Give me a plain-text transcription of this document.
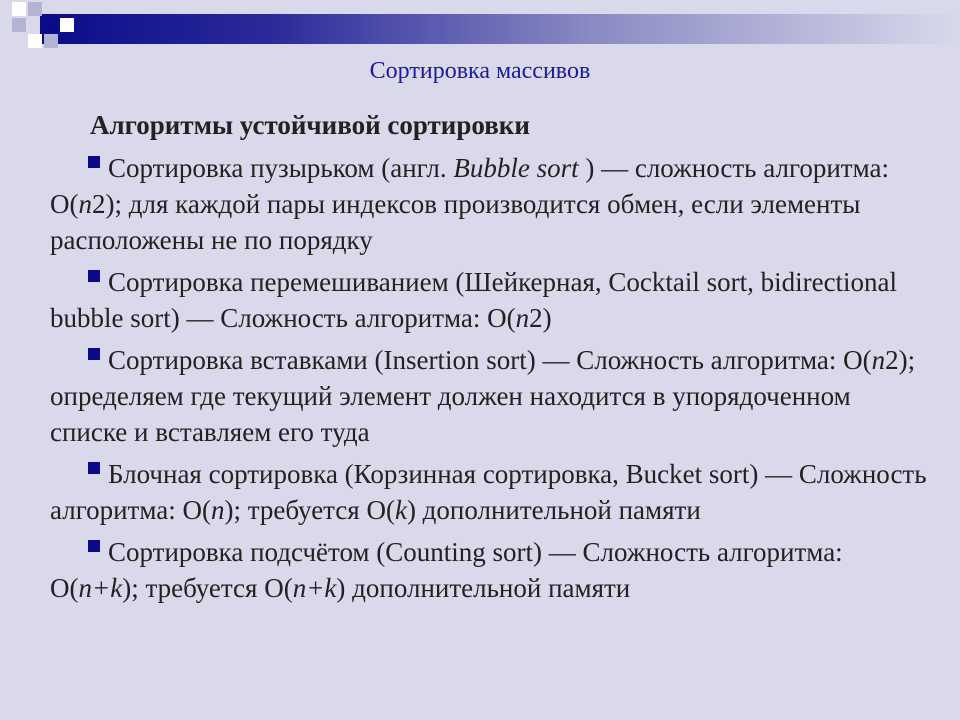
Сортировка массивов
Алгоритмы устойчивой сортировки
Сортировка пузырьком (англ. Bubble sort ) — сложность алгоритма: O(n2); для каждой пары индексов производится обмен, если элементы расположены не по порядку
Сортировка перемешиванием (Шейкерная, Cocktail sort, bidirectional bubble sort) — Сложность алгоритма: O(n2)
Сортировка вставками (Insertion sort) — Сложность алгоритма: O(n2); определяем где текущий элемент должен находится в упорядоченном списке и вставляем его туда
Блочная сортировка (Корзинная сортировка, Bucket sort) — Сложность алгоритма: O(n); требуется O(k) дополнительной памяти
Сортировка подсчётом (Counting sort) — Сложность алгоритма: O(n+k); требуется O(n+k) дополнительной памяти
